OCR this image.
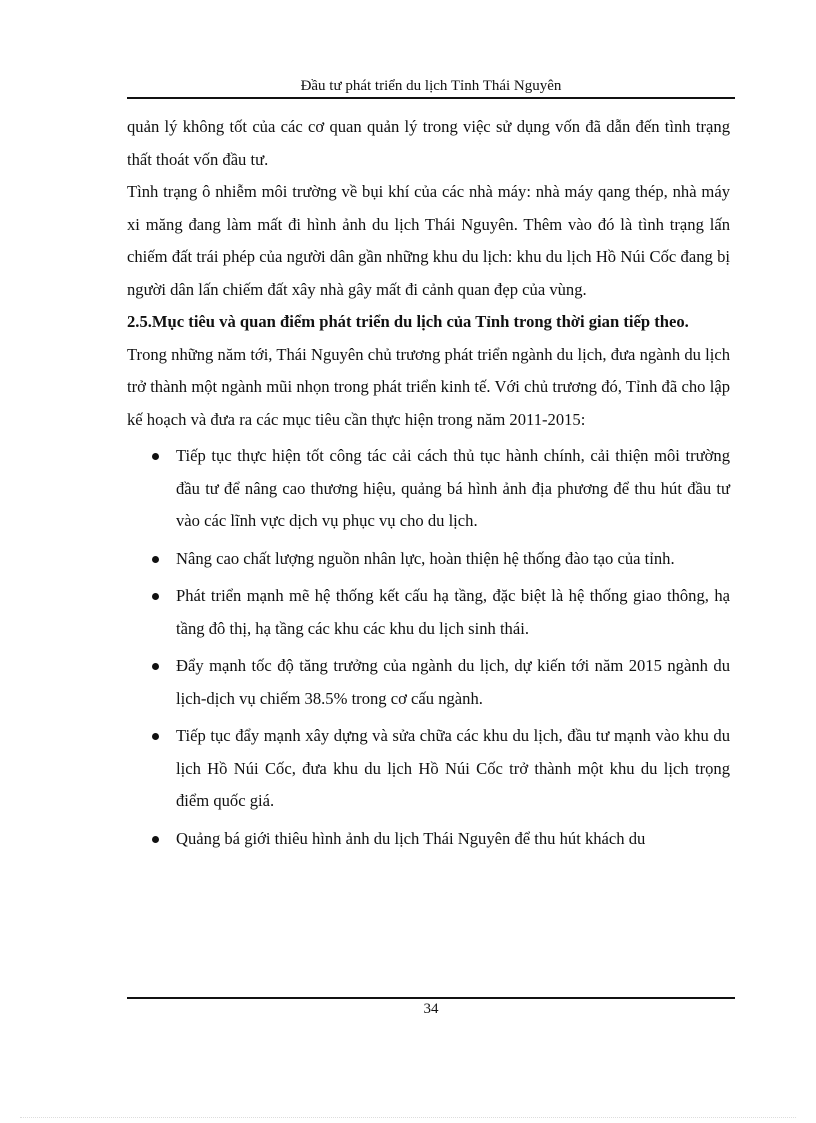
Đầu tư phát triển du lịch Tỉnh Thái Nguyên

quản lý không tốt của các cơ quan quản lý trong việc sử dụng vốn đã dẫn đến tình trạng thất thoát vốn đầu tư.

Tình trạng ô nhiễm môi trường về bụi khí của các nhà máy: nhà máy qang thép, nhà máy xi măng đang làm mất đi hình ảnh du lịch Thái Nguyên. Thêm vào đó là tình trạng lấn chiếm đất trái phép của người dân gần những khu du lịch: khu du lịch Hồ Núi Cốc đang bị người dân lấn chiếm đất xây nhà gây mất đi cảnh quan đẹp của vùng.

2.5.Mục tiêu và quan điểm phát triển du lịch của Tỉnh trong thời gian tiếp theo.

Trong những năm tới, Thái Nguyên chủ trương phát triển ngành du lịch, đưa ngành du lịch trở thành một ngành mũi nhọn trong phát triển kinh tế. Với chủ trương đó, Tỉnh đã cho lập kế hoạch và đưa ra các mục tiêu cần thực hiện trong năm 2011-2015:

Tiếp tục thực hiện tốt công tác cải cách thủ tục hành chính, cải thiện môi trường đầu tư để nâng cao thương hiệu, quảng bá hình ảnh địa phương để thu hút đầu tư vào các lĩnh vực dịch vụ phục vụ cho du lịch.
Nâng cao chất lượng nguồn nhân lực, hoàn thiện hệ thống đào tạo của tỉnh.
Phát triển mạnh mẽ hệ thống kết cấu hạ tầng, đặc biệt là hệ thống giao thông, hạ tầng đô thị, hạ tầng các khu các khu du lịch sinh thái.
Đẩy mạnh tốc độ tăng trưởng của ngành du lịch, dự kiến tới năm 2015 ngành du lịch-dịch vụ chiếm 38.5% trong cơ cấu ngành.
Tiếp tục đẩy mạnh xây dựng và sửa chữa các khu du lịch, đầu tư mạnh vào khu du lịch Hồ Núi Cốc, đưa khu du lịch Hồ Núi Cốc trở thành một khu du lịch trọng điểm quốc giá.
Quảng bá giới thiêu hình ảnh du lịch Thái Nguyên để thu hút khách du
34
